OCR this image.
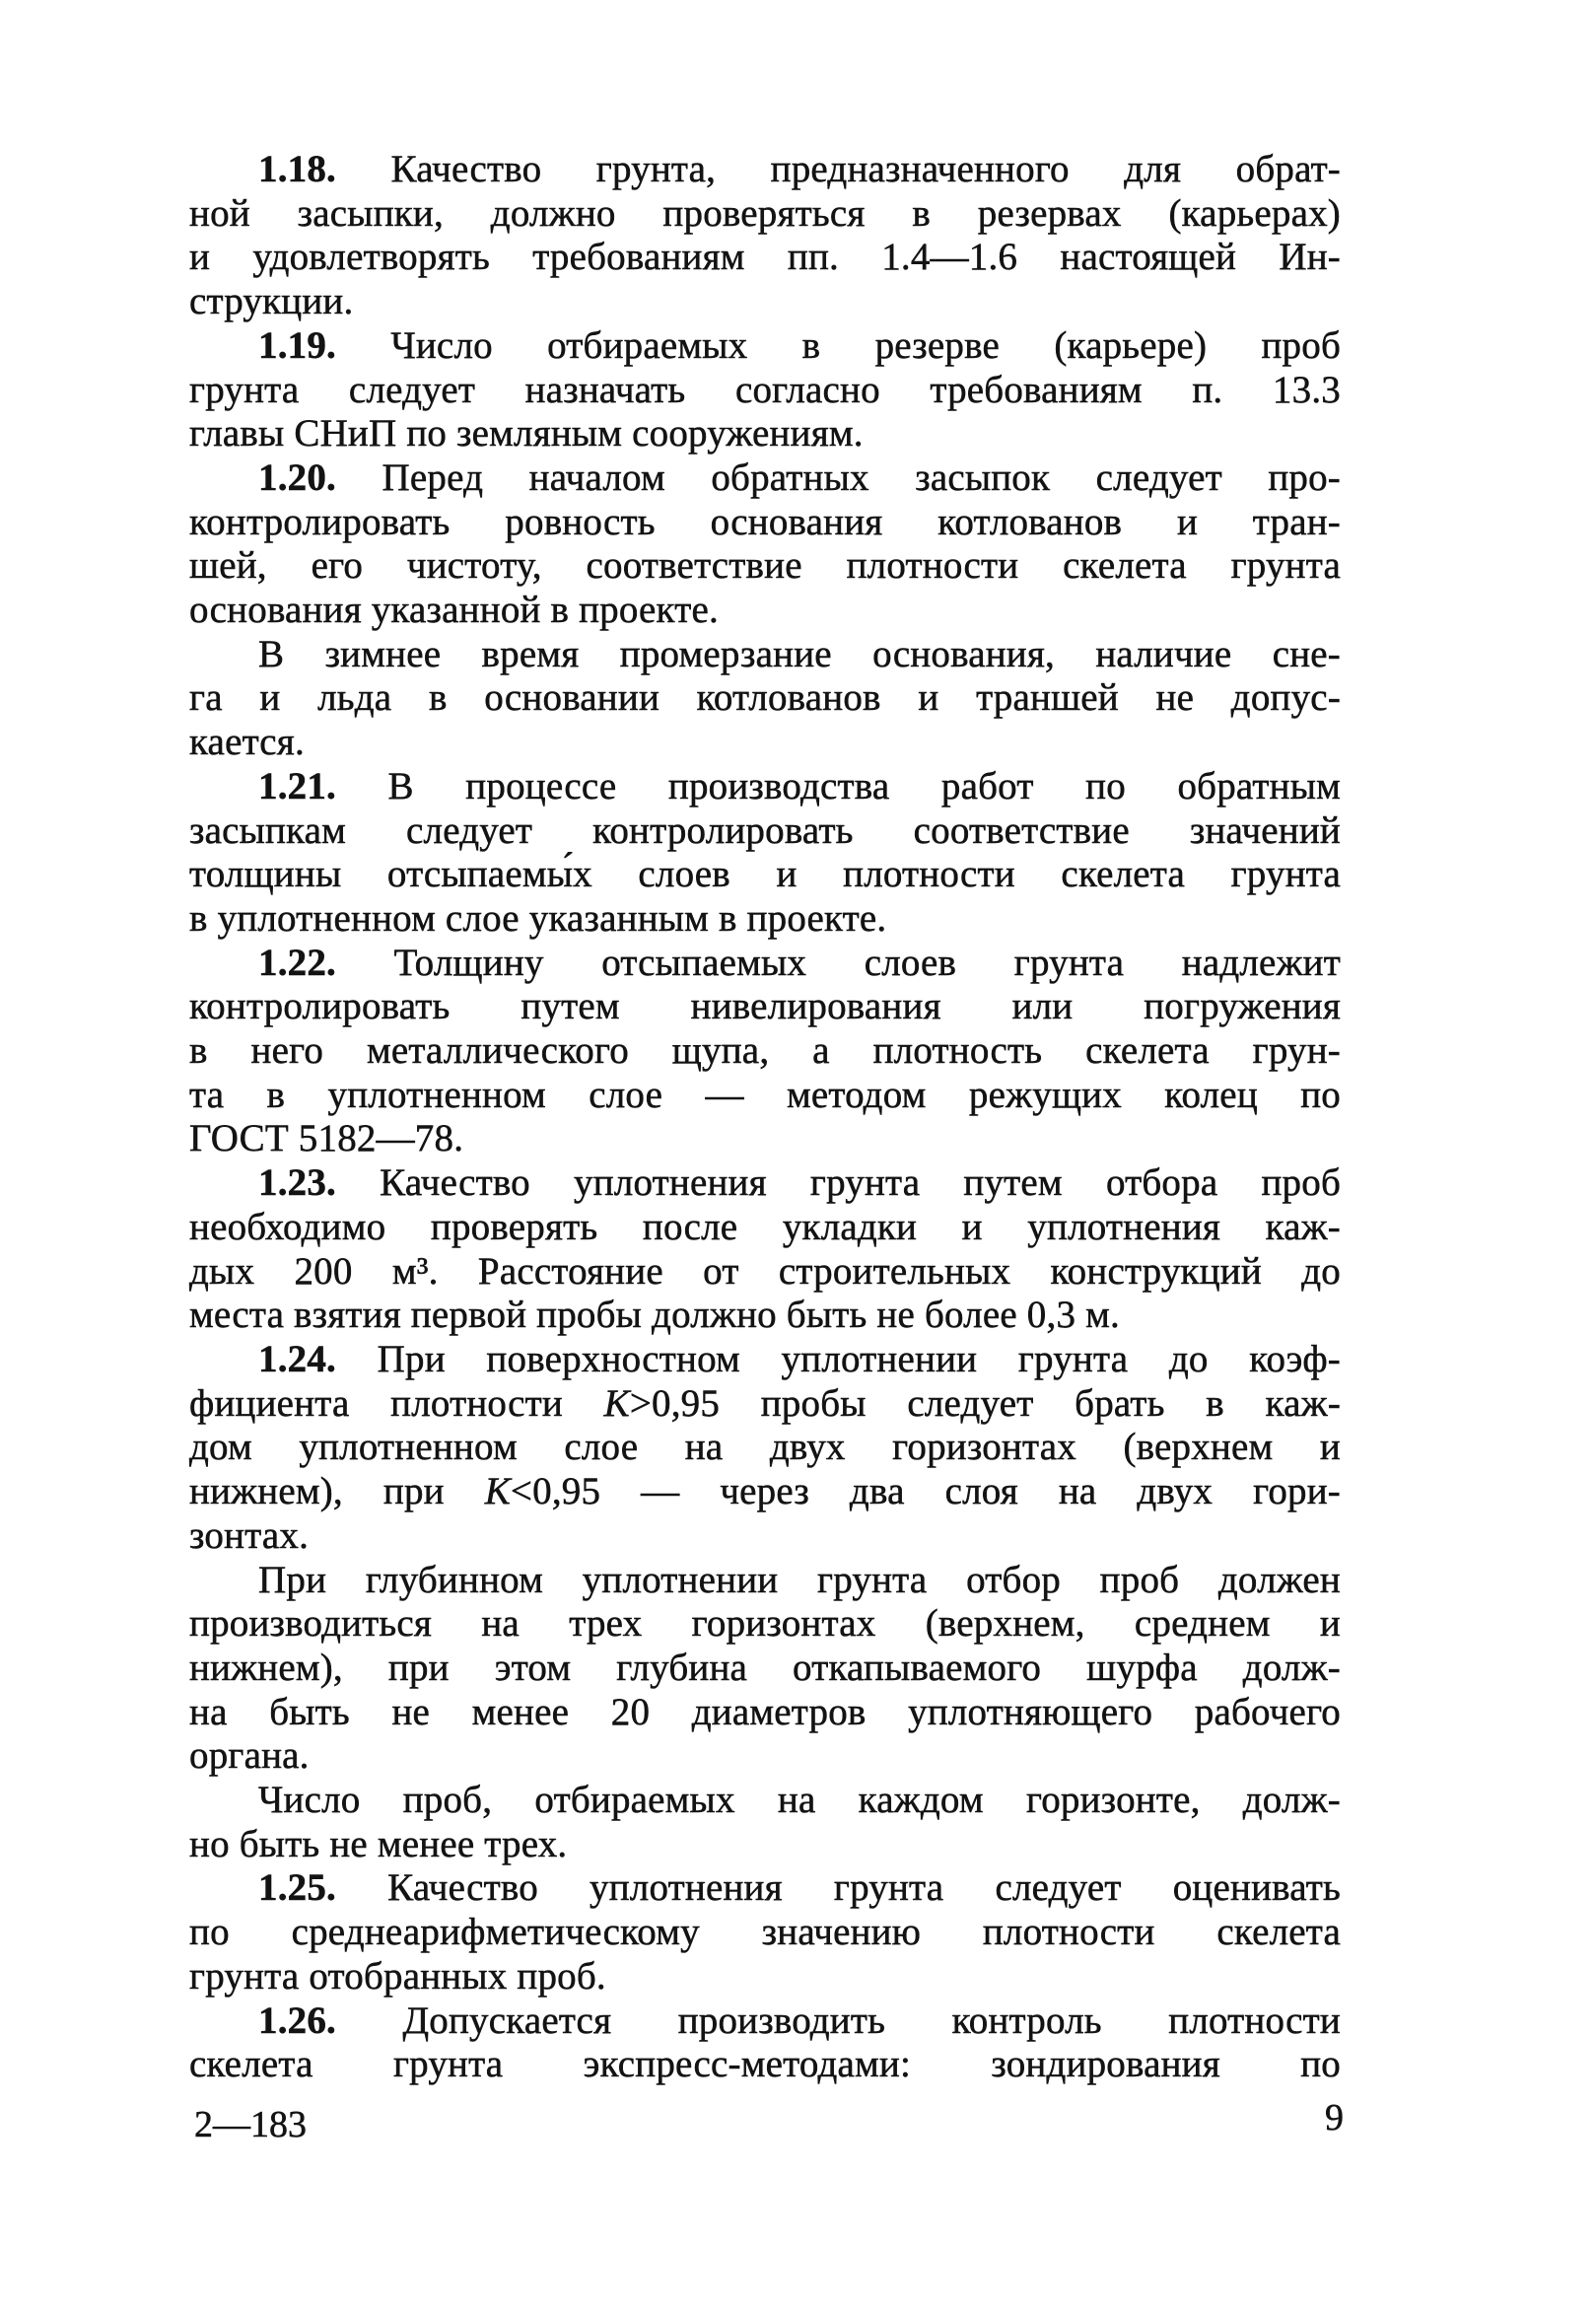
1.18. Качество грунта, предназначенного для обрат-
ной засыпки, должно проверяться в резервах (карьерах)
и удовлетворять требованиям пп. 1.4—1.6 настоящей Ин-
струкции.
1.19. Число отбираемых в резерве (карьере) проб
грунта следует назначать согласно требованиям п. 13.3
главы СНиП по земляным сооружениям.
1.20. Перед началом обратных засыпок следует про-
контролировать ровность основания котлованов и тран-
шей, его чистоту, соответствие плотности скелета грунта
основания указанной в проекте.
В зимнее время промерзание основания, наличие сне-
га и льда в основании котлованов и траншей не допус-
кается.
1.21. В процессе производства работ по обратным
засыпкам следует контролировать соответствие значений
толщины отсыпаемы́х слоев и плотности скелета грунта
в уплотненном слое указанным в проекте.
1.22. Толщину отсыпаемых слоев грунта надлежит
контролировать путем нивелирования или погружения
в него металлического щупа, а плотность скелета грун-
та в уплотненном слое — методом режущих колец по
ГОСТ 5182—78.
1.23. Качество уплотнения грунта путем отбора проб
необходимо проверять после укладки и уплотнения каж-
дых 200 м³. Расстояние от строительных конструкций до
места взятия первой пробы должно быть не более 0,3 м.
1.24. При поверхностном уплотнении грунта до коэф-
фициента плотности K>0,95 пробы следует брать в каж-
дом уплотненном слое на двух горизонтах (верхнем и
нижнем), при K<0,95 — через два слоя на двух гори-
зонтах.
При глубинном уплотнении грунта отбор проб должен
производиться на трех горизонтах (верхнем, среднем и
нижнем), при этом глубина откапываемого шурфа долж-
на быть не менее 20 диаметров уплотняющего рабочего
органа.
Число проб, отбираемых на каждом горизонте, долж-
но быть не менее трех.
1.25. Качество уплотнения грунта следует оценивать
по среднеарифметическому значению плотности скелета
грунта отобранных проб.
1.26. Допускается производить контроль плотности
скелета грунта экспресс-методами: зондирования по
2—183	9
